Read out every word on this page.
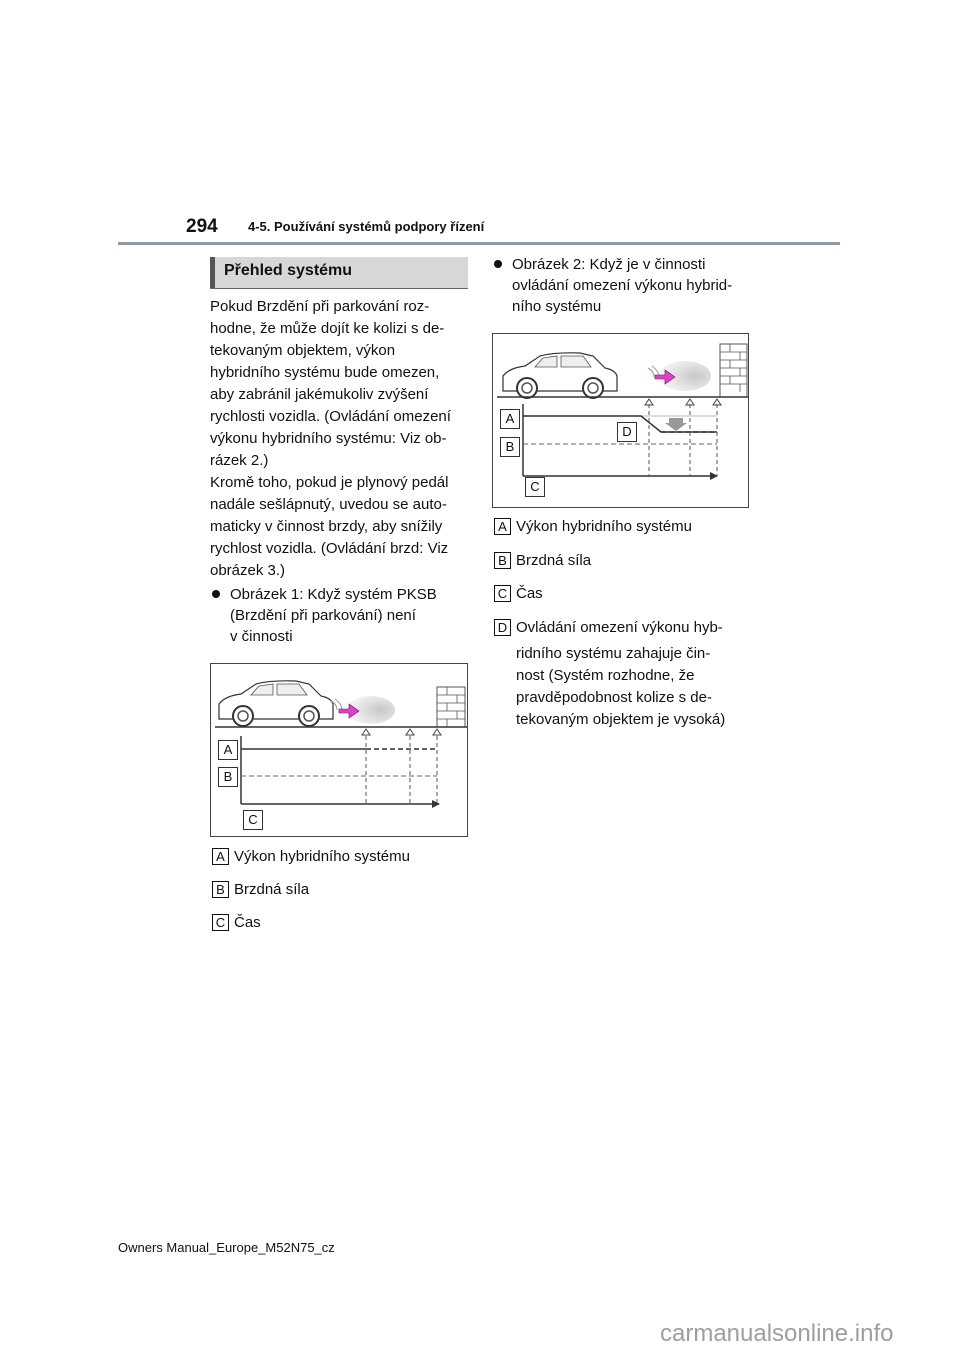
294 4-5. Používání systémů podpory řízení
Přehled systému
Pokud Brzdění při parkování roz-
hodne, že může dojít ke kolizi s de-
tekovaným objektem, výkon
hybridního systému bude omezen,
aby zabránil jakémukoliv zvýšení
rychlosti vozidla. (Ovládání omezení
výkonu hybridního systému: Viz ob-
rázek 2.)
Kromě toho, pokud je plynový pedál
nadále sešlápnutý, uvedou se auto-
maticky v činnost brzdy, aby snížily
rychlost vozidla. (Ovládání brzd: Viz
obrázek 3.)
Obrázek 1: Když systém PKSB
(Brzdění při parkování) není
v činnosti
A
B
C
A Výkon hybridního systému
B Brzdná síla
C Čas
Obrázek 2: Když je v činnosti
ovládání omezení výkonu hybrid-
ního systému
A
B
C
D
A Výkon hybridního systému
B Brzdná síla
C Čas
D Ovládání omezení výkonu hyb-
ridního systému zahajuje čin-
nost (Systém rozhodne, že
pravděpodobnost kolize s de-
tekovaným objektem je vysoká)
Owners Manual_Europe_M52N75_cz
carmanualsonline.info
